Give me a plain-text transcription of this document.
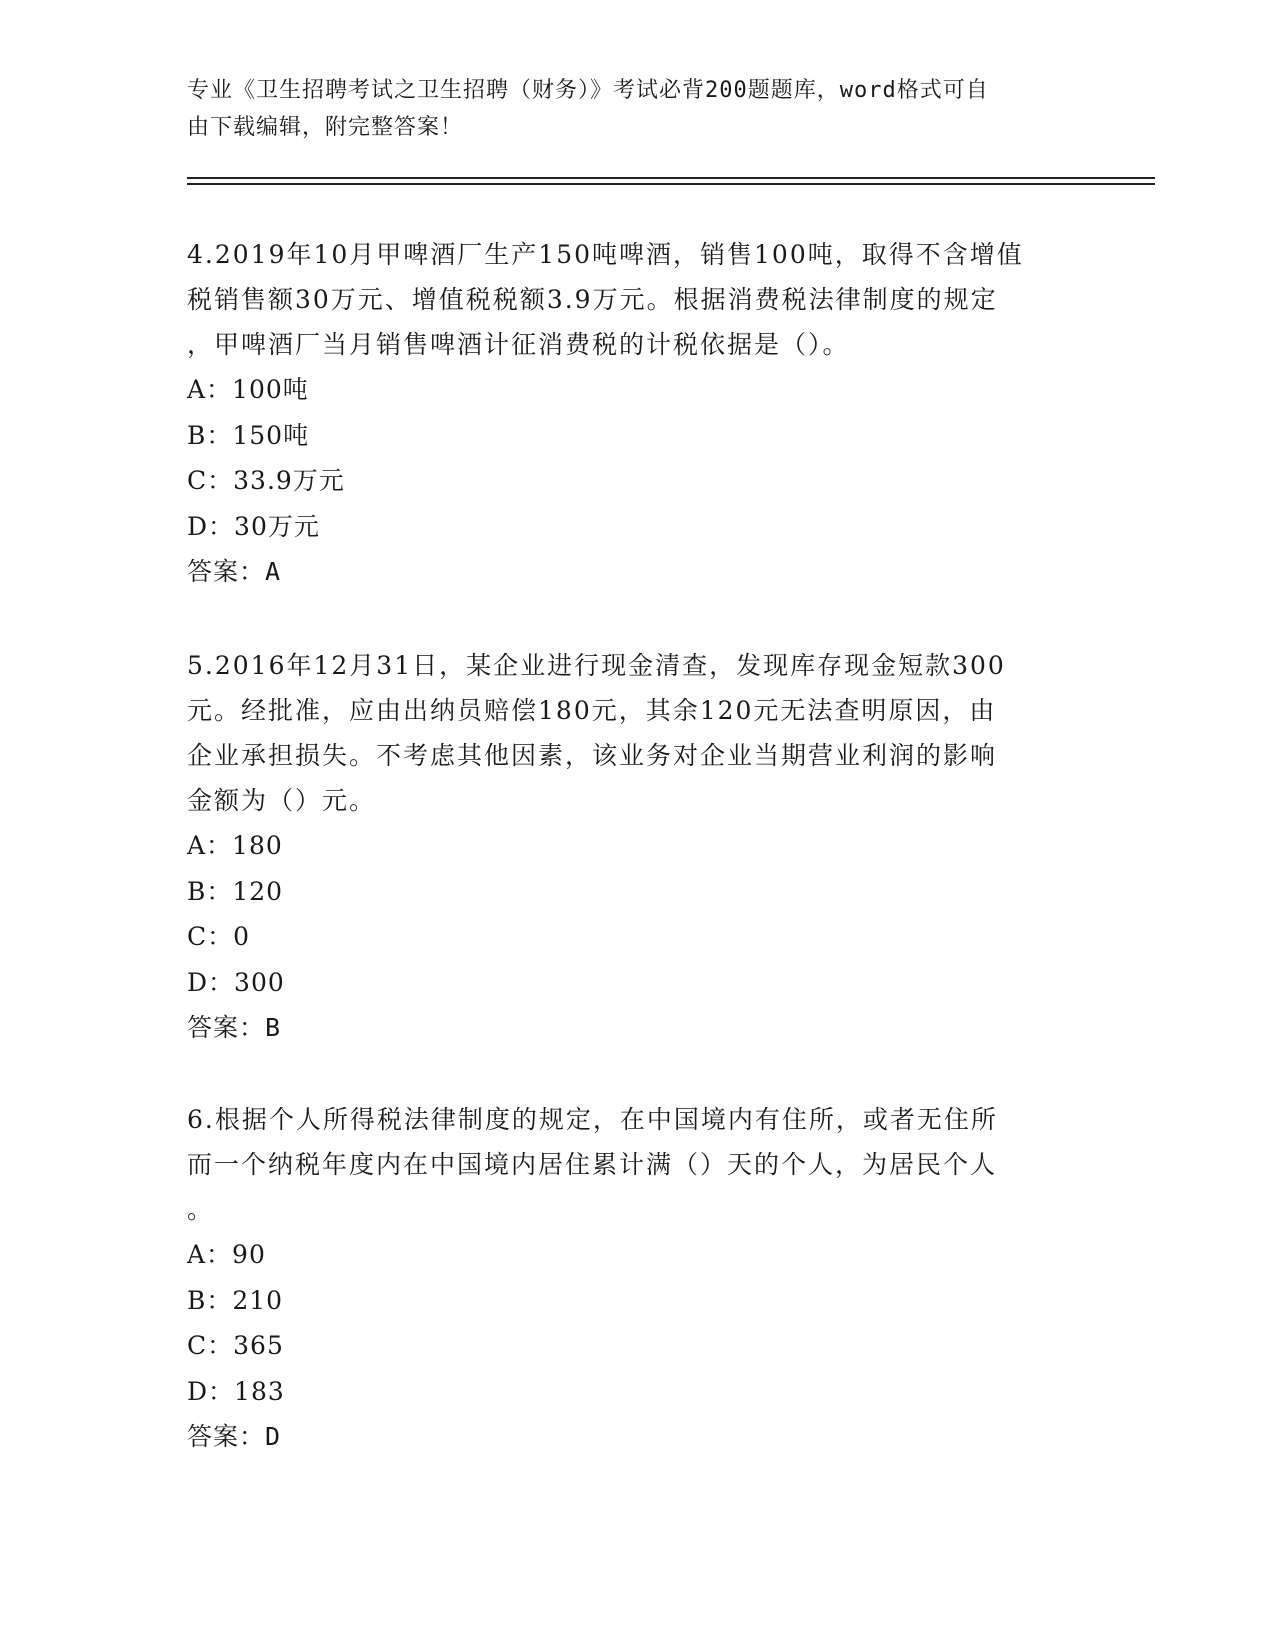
专业《卫生招聘考试之卫生招聘（财务）》考试必背200题题库，word格式可自
由下载编辑，附完整答案！

4.2019年10月甲啤酒厂生产150吨啤酒，销售100吨，取得不含增值

税销售额30万元、增值税税额3.9万元。根据消费税法律制度的规定

，甲啤酒厂当月销售啤酒计征消费税的计税依据是（）。

A：100吨

B：150吨

C：33.9万元

D：30万元

答案：A

5.2016年12月31日，某企业进行现金清查，发现库存现金短款300

元。经批准，应由出纳员赔偿180元，其余120元无法查明原因，由

企业承担损失。不考虑其他因素，该业务对企业当期营业利润的影响

金额为（）元。

A：180

B：120

C：0

D：300

答案：B

6.根据个人所得税法律制度的规定，在中国境内有住所，或者无住所

而一个纳税年度内在中国境内居住累计满（）天的个人，为居民个人

。

A：90

B：210

C：365

D：183

答案：D
